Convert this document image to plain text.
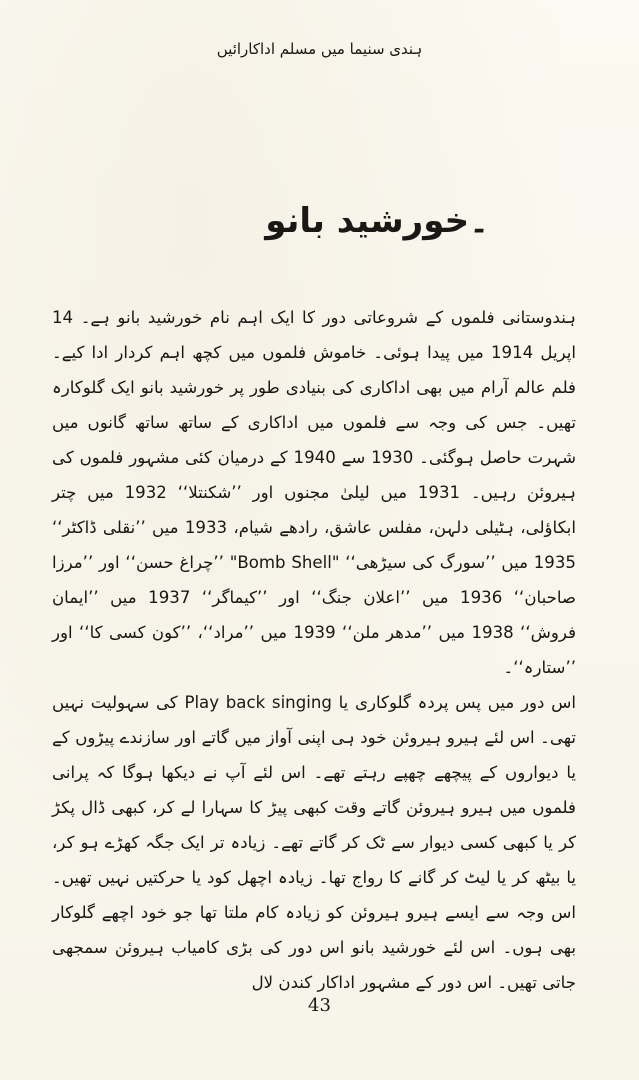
ہندی سنیما میں مسلم اداکارائیں
۔خورشید بانو

ہندوستانی فلموں کے شروعاتی دور کا ایک اہم نام خورشید بانو ہے۔ 14 اپریل 1914 میں پیدا ہوئی۔ خاموش فلموں میں کچھ اہم کردار ادا کیے۔ فلم عالم آرام میں بھی اداکاری کی بنیادی طور پر خورشید بانو ایک گلوکارہ تھیں۔ جس کی وجہ سے فلموں میں اداکاری کے ساتھ ساتھ گانوں میں شہرت حاصل ہوگئی۔ 1930 سے 1940 کے درمیان کئی مشہور فلموں کی ہیروئن رہیں۔ 1931 میں لیلیٰ مجنوں اور ’’شکنتلا‘‘ 1932 میں چتر ابکاؤلی، ہٹیلی دلہن، مفلس عاشق، رادھے شیام، 1933 میں ’’نقلی ڈاکٹر‘‘ 1935 میں ’’سورگ کی سیڑھی‘‘ "Bomb Shell" ’’چراغ حسن‘‘ اور ’’مرزا صاحبان‘‘ 1936 میں ’’اعلان جنگ‘‘ اور ’’کیماگر‘‘ 1937 میں ’’ایمان فروش‘‘ 1938 میں ’’مدھر ملن‘‘ 1939 میں ’’مراد‘‘، ’’کون کسی کا‘‘ اور ’’ستارہ‘‘۔

اس دور میں پس پردہ گلوکاری یا Play back singing کی سہولیت نہیں تھی۔ اس لئے ہیرو ہیروئن خود ہی اپنی آواز میں گاتے اور سازندے پیڑوں کے یا دیواروں کے پیچھے چھپے رہتے تھے۔ اس لئے آپ نے دیکھا ہوگا کہ پرانی فلموں میں ہیرو ہیروئن گاتے وقت کبھی پیڑ کا سہارا لے کر، کبھی ڈال پکڑ کر یا کبھی کسی دیوار سے ٹک کر گاتے تھے۔ زیادہ تر ایک جگہ کھڑے ہو کر، یا بیٹھ کر یا لیٹ کر گانے کا رواج تھا۔ زیادہ اچھل کود یا حرکتیں نہیں تھیں۔ اس وجہ سے ایسے ہیرو ہیروئن کو زیادہ کام ملتا تھا جو خود اچھے گلوکار بھی ہوں۔ اس لئے خورشید بانو اس دور کی بڑی کامیاب ہیروئن سمجھی جاتی تھیں۔ اس دور کے مشہور اداکار کندن لال

43
